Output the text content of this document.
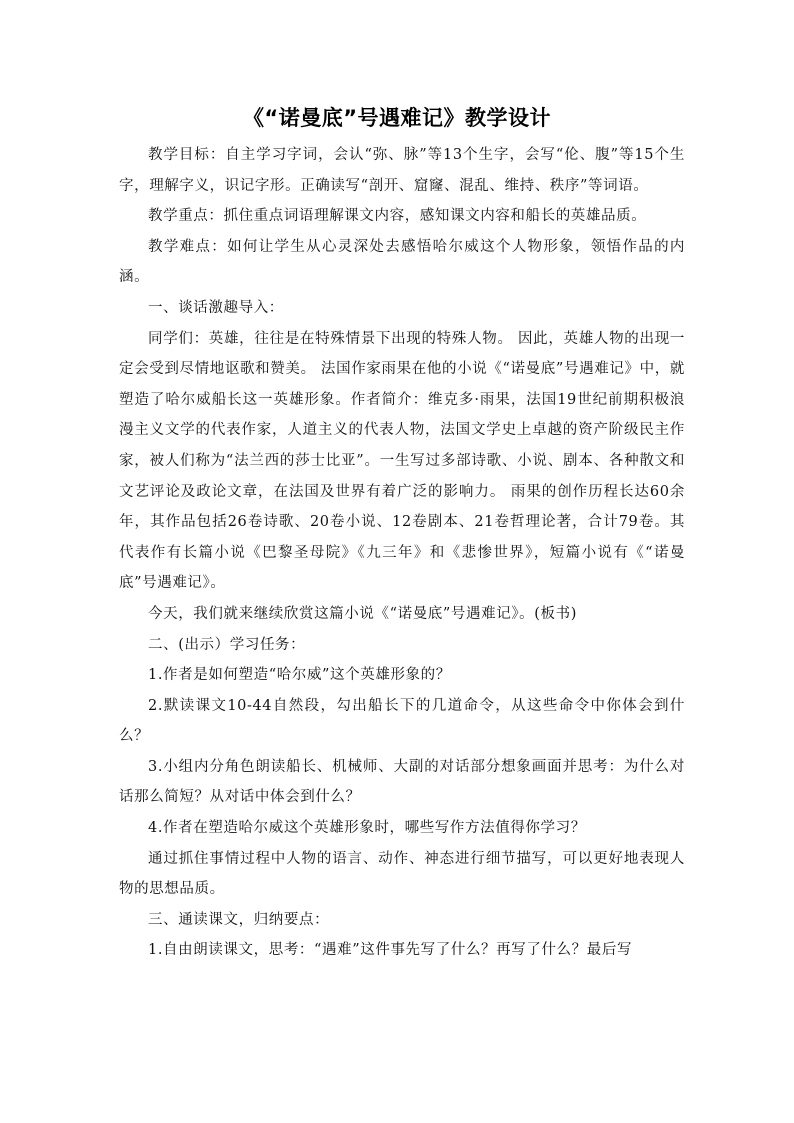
《“诺曼底”号遇难记》教学设计

教学目标：自主学习字词，会认“弥、脉”等13个生字，会写“伦、腹”等15个生字，理解字义，识记字形。正确读写“剖开、窟窿、混乱、维持、秩序”等词语。

教学重点：抓住重点词语理解课文内容，感知课文内容和船长的英雄品质。

教学难点：如何让学生从心灵深处去感悟哈尔威这个人物形象，领悟作品的内涵。

一、谈话激趣导入：

同学们：英雄，往往是在特殊情景下出现的特殊人物。 因此，英雄人物的出现一定会受到尽情地讴歌和赞美。 法国作家雨果在他的小说《“诺曼底”号遇难记》中，就塑造了哈尔威船长这一英雄形象。作者简介：维克多·雨果，法国19世纪前期积极浪漫主义文学的代表作家，人道主义的代表人物，法国文学史上卓越的资产阶级民主作家，被人们称为“法兰西的莎士比亚”。一生写过多部诗歌、小说、剧本、各种散文和文艺评论及政论文章，在法国及世界有着广泛的影响力。 雨果的创作历程长达60余年，其作品包括26卷诗歌、20卷小说、12卷剧本、21卷哲理论著，合计79卷。其代表作有长篇小说《巴黎圣母院》《九三年》和《悲惨世界》，短篇小说有《“诺曼底”号遇难记》。

今天，我们就来继续欣赏这篇小说《“诺曼底”号遇难记》。(板书)

二、(出示）学习任务：

1.作者是如何塑造“哈尔威”这个英雄形象的？

2.默读课文10-44自然段，勾出船长下的几道命令，从这些命令中你体会到什么？

3.小组内分角色朗读船长、机械师、大副的对话部分想象画面并思考：为什么对话那么简短？从对话中体会到什么？

4.作者在塑造哈尔威这个英雄形象时，哪些写作方法值得你学习？

通过抓住事情过程中人物的语言、动作、神态进行细节描写，可以更好地表现人物的思想品质。

三、通读课文，归纳要点：

1.自由朗读课文，思考：“遇难”这件事先写了什么？再写了什么？最后写
